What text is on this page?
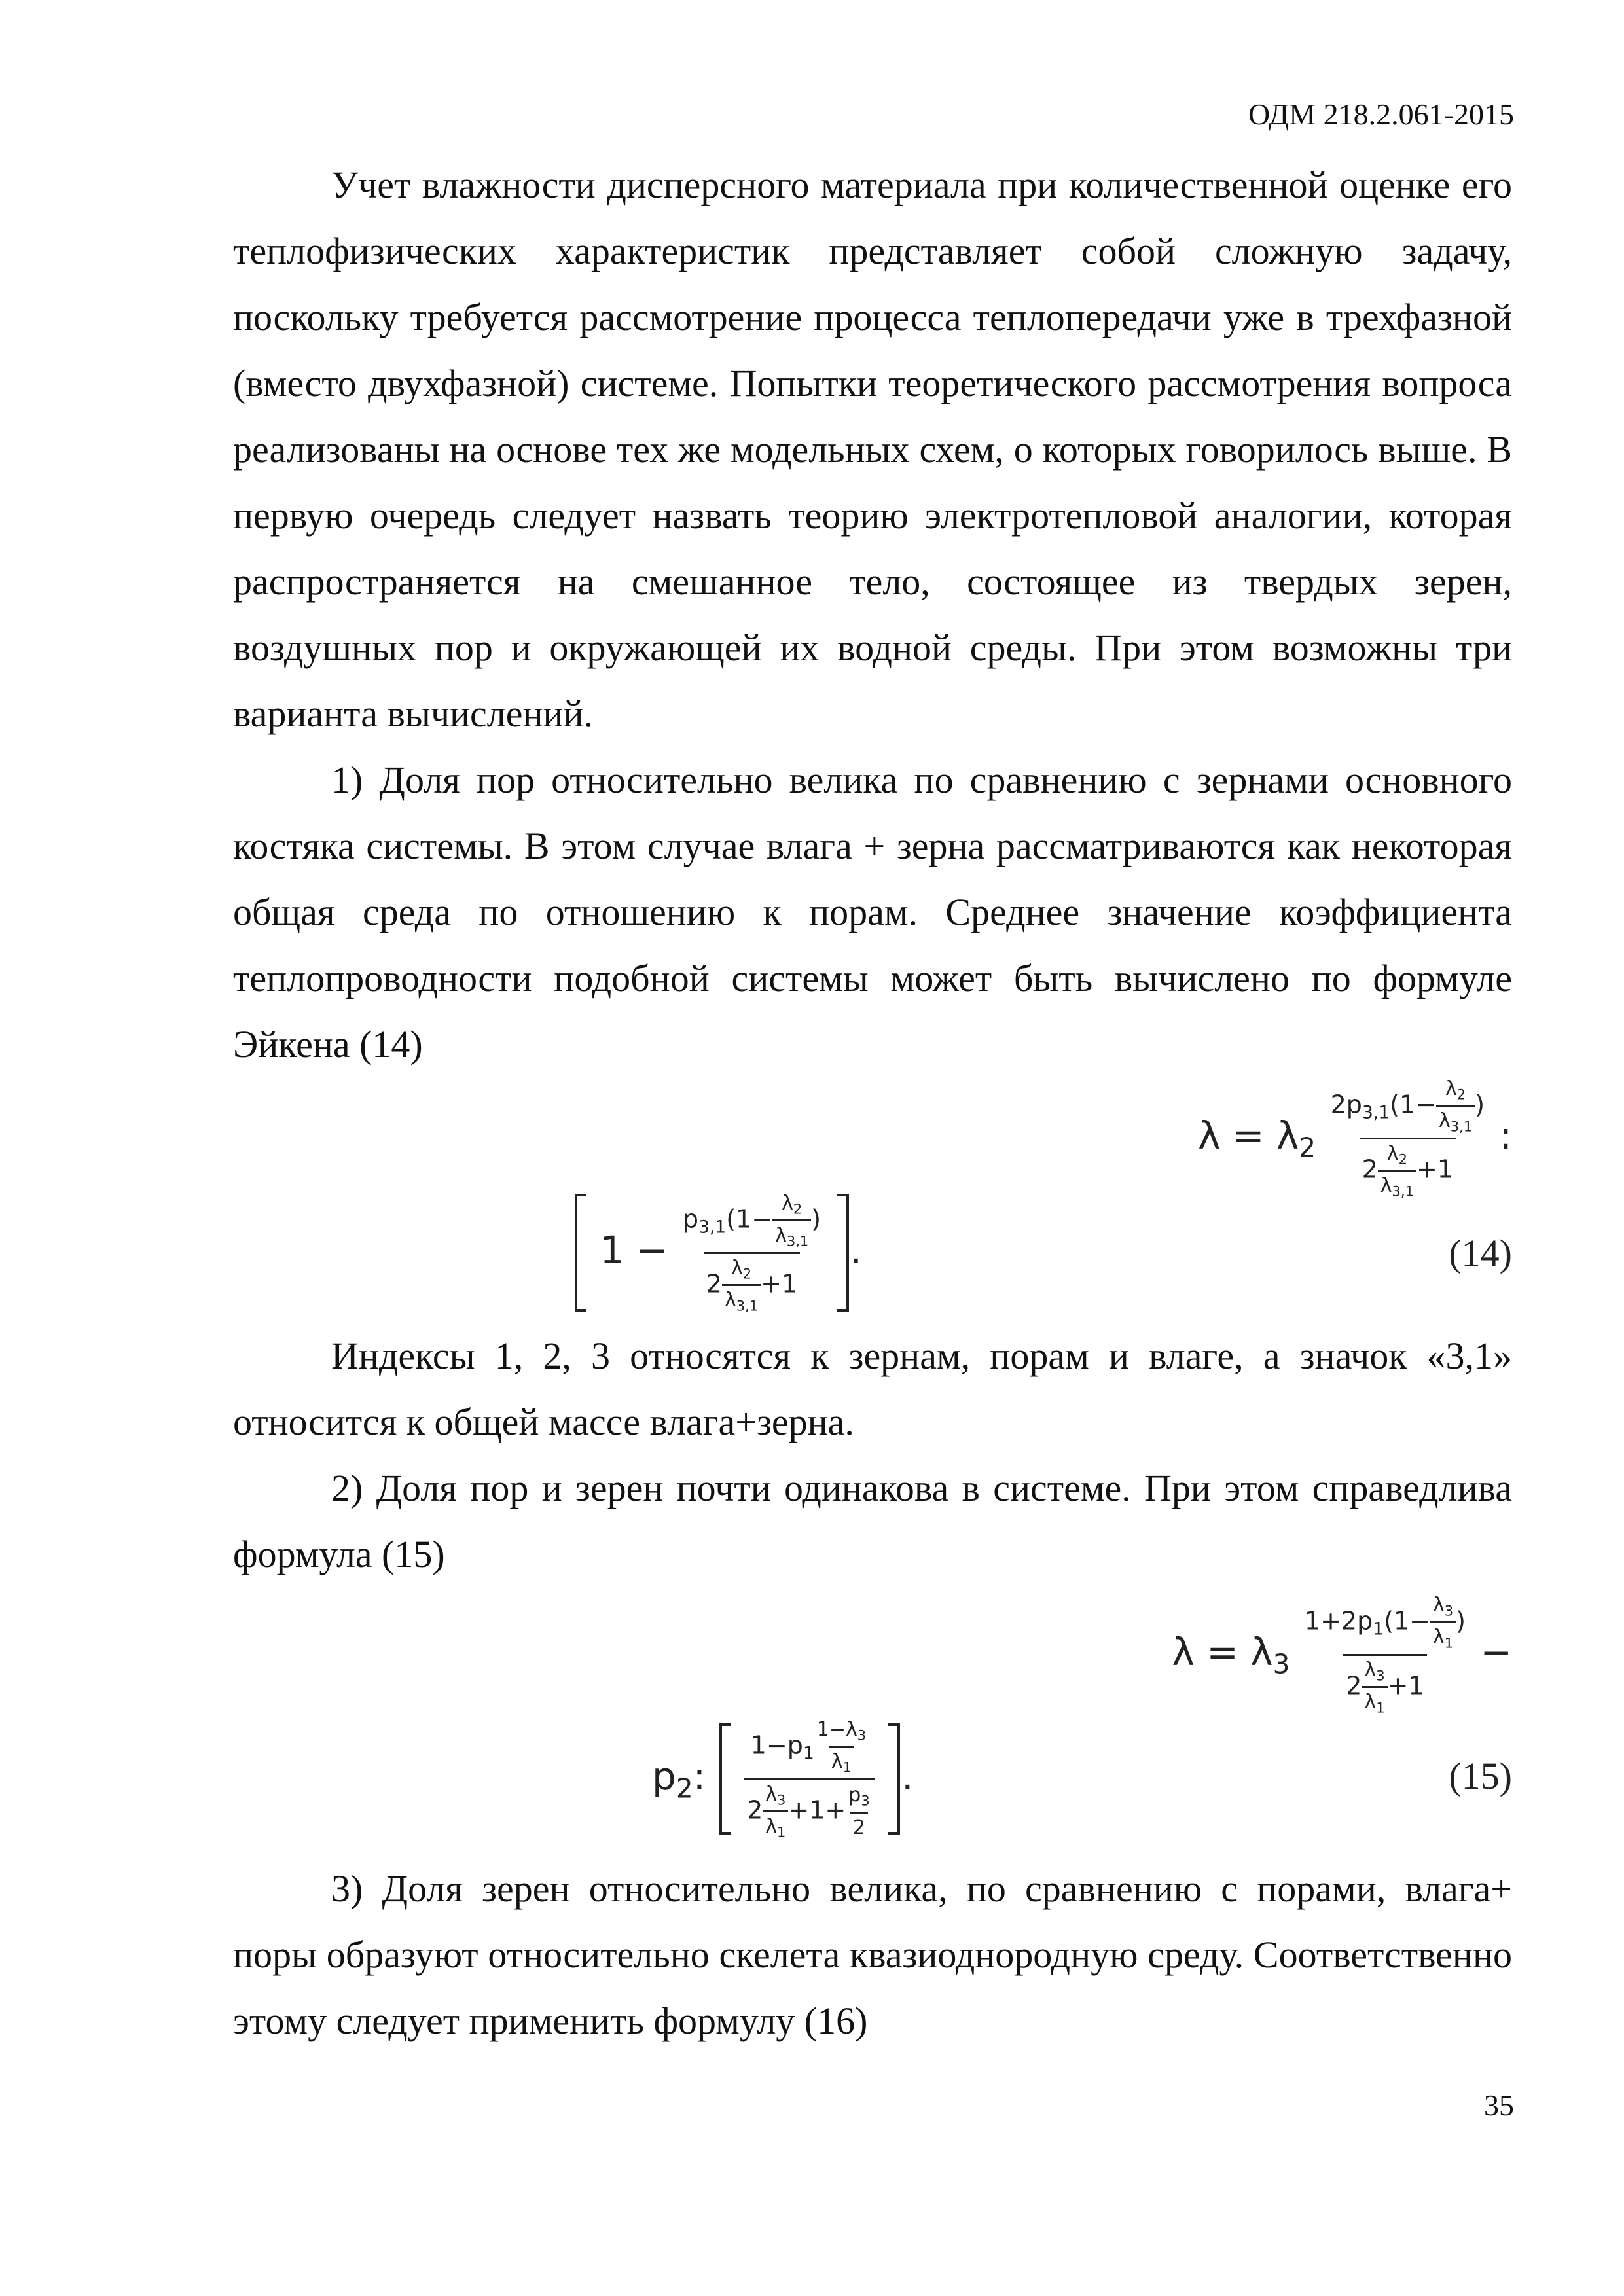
ОДМ 218.2.061-2015

Учет влажности дисперсного материала при количественной оценке его теплофизических характеристик представляет собой сложную задачу, поскольку требуется рассмотрение процесса теплопередачи уже в трехфазной (вместо двухфазной) системе. Попытки теоретического рассмотрения вопроса реализованы на основе тех же модельных схем, о которых говорилось выше. В первую очередь следует назвать теорию электротепловой аналогии, которая распространяется на смешанное тело, состоящее из твердых зерен, воздушных пор и окружающей их водной среды. При этом возможны три варианта вычислений.

1) Доля пор относительно велика по сравнению с зернами основного костяка системы. В этом случае влага + зерна рассматриваются как некоторая общая среда по отношению к порам. Среднее значение коэффициента теплопроводности подобной системы может быть вычислено по формуле Эйкена (14)

$\lambda = \lambda_2 \frac{2p_{3,1}(1- \frac{\lambda_2}{\lambda_{3,1}} )}{2 \frac{\lambda_2}{\lambda_{3,1}} +1}$ :
$1 - \frac{p_{3,1}(1- \frac{\lambda_2}{\lambda_{3,1}} )}{2 \frac{\lambda_2}{\lambda_{3,1}} +1}$ .	(14)

Индексы 1, 2, 3 относятся к зернам, порам и влаге, а значок «3,1» относится к общей массе влага+зерна.

2) Доля пор и зерен почти одинакова в системе. При этом справедлива формула (15)

$\lambda = \lambda_3 \frac{1+2p_1(1- \frac{\lambda_3}{\lambda_1} )}{2 \frac{\lambda_3}{\lambda_1} +1}$ −
$p_2$: $\frac{1-p_1 \frac{1-\lambda_3}{\lambda_1}}{2 \frac{\lambda_3}{\lambda_1} +1+ \frac{p_3}{2}}$ .	(15)

3) Доля зерен относительно велика, по сравнению с порами, влага+ поры образуют относительно скелета квазиоднородную среду. Соответственно этому следует применить формулу (16)

35
